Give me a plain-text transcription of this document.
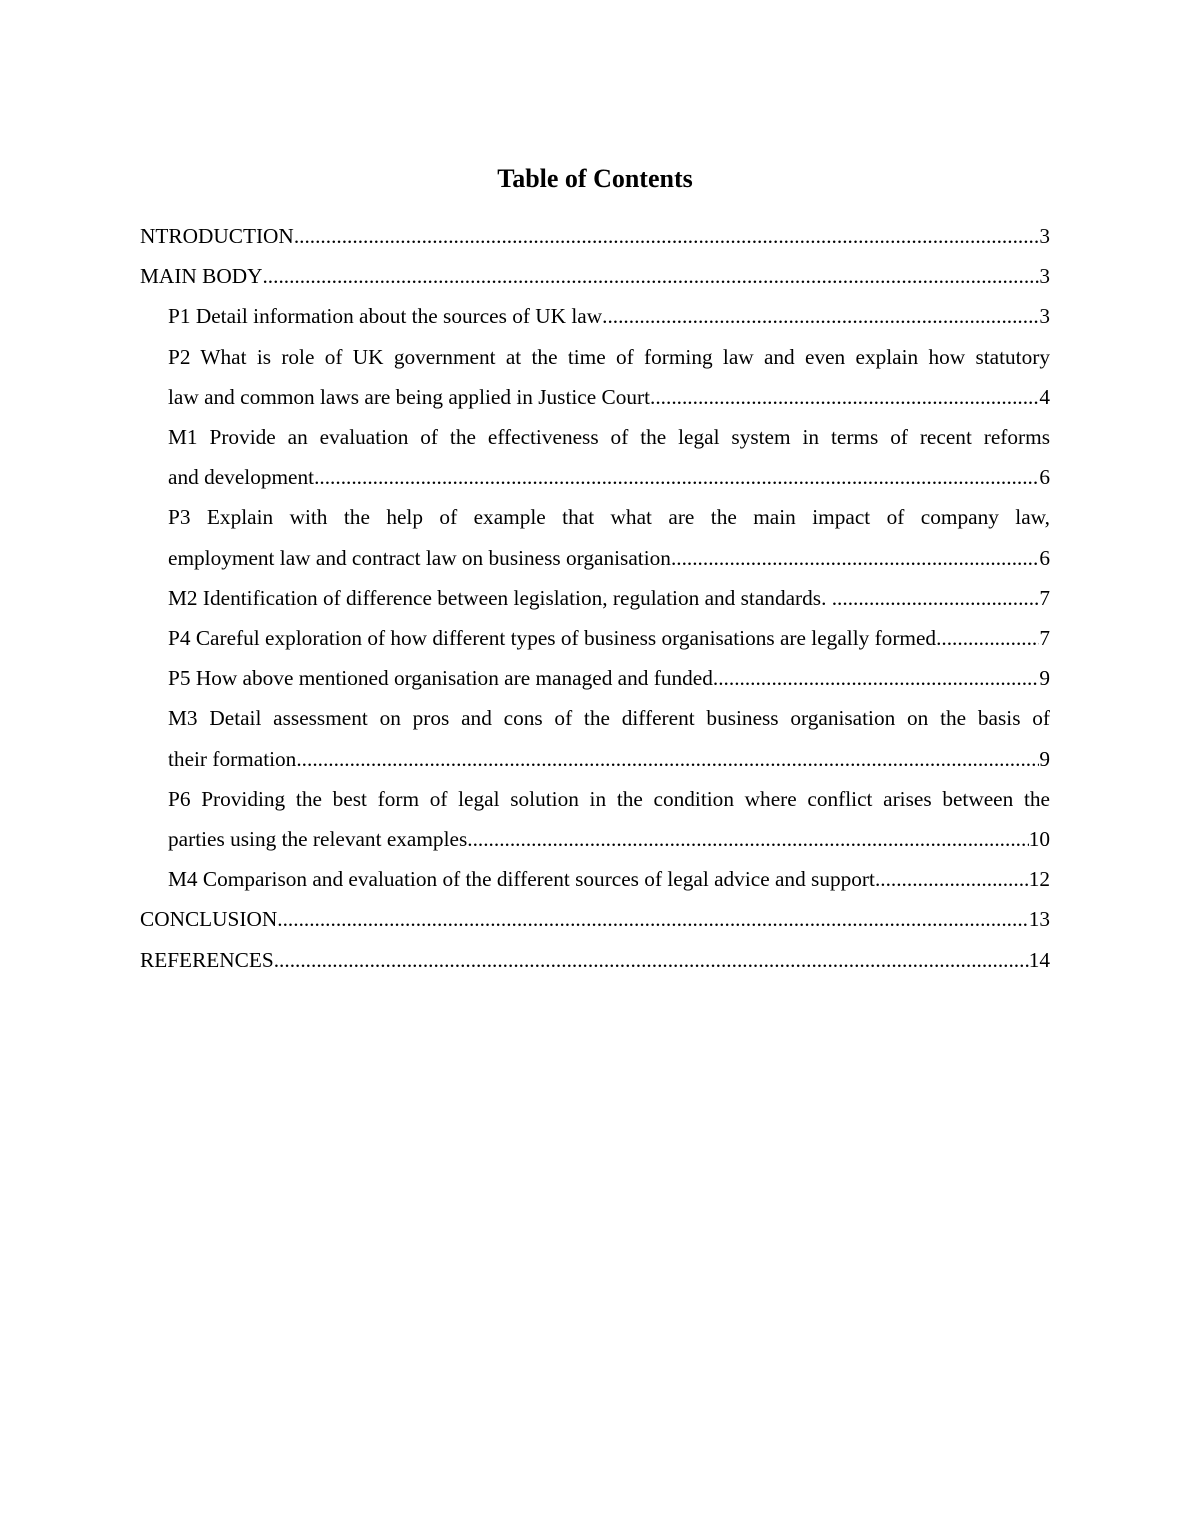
Table of Contents
NTRODUCTION .....	3
MAIN BODY .....	3
P1 Detail information about the sources of UK law .....	3
P2 What is role of UK government at the time of forming law and even explain how statutory
law and common laws are being applied in Justice Court .....	4
M1 Provide an evaluation of the effectiveness of the legal system in terms of recent reforms
and development .....	6
P3 Explain with the help of example that what are the main impact of company law,
employment law and contract law on business organisation .....	6
M2 Identification of difference between legislation, regulation and standards. .....	7
P4 Careful exploration of how different types of business organisations are legally formed. .....	7
P5 How above mentioned organisation are managed and funded .....	9
M3 Detail assessment on pros and cons of the different business organisation on the basis of
their formation .....	9
P6 Providing the best form of legal solution in the condition where conflict arises between the
parties using the relevant examples .....	10
M4 Comparison and evaluation of the different sources of legal advice and support .....	12
CONCLUSION .....	13
REFERENCES .....	14
